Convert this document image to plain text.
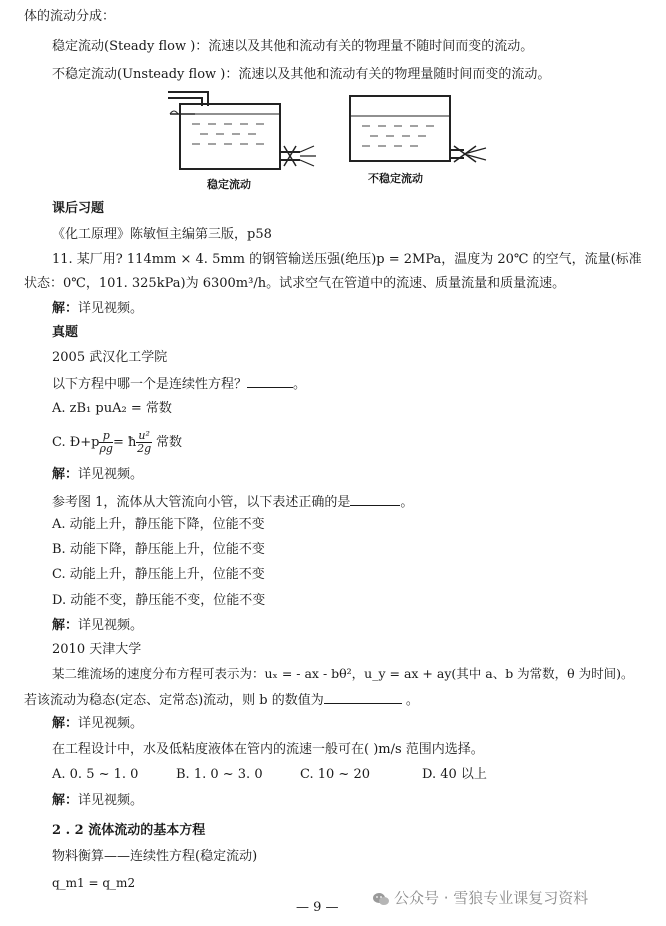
体的流动分成：
稳定流动(Steady flow )：流速以及其他和流动有关的物理量不随时间而变的流动。
不稳定流动(Unsteady flow )：流速以及其他和流动有关的物理量随时间而变的流动。
稳定流动	不稳定流动
课后习题
《化工原理》陈敏恒主编第三版，p58
11. 某厂用? 114mm × 4. 5mm 的钢管输送压强(绝压)p = 2MPa，温度为 20℃ 的空气，流量(标准
状态：0℃，101. 325kPa)为 6300m³/h。试求空气在管道中的流速、质量流量和质量流速。
解：详见视频。
真题
2005 武汉化工学院
以下方程中哪一个是连续性方程？	。
A. zB₁ puA₂ = 常数
C. Ð+p $\frac{p}{\rho g}$ = ħ $\frac{\text{u²}}{2g}$ 常数
解：详见视频。
参考图 1，流体从大管流向小管，以下表述正确的是	。
A. 动能上升，静压能下降，位能不变
B. 动能下降，静压能上升，位能不变
C. 动能上升，静压能上升，位能不变
D. 动能不变，静压能不变，位能不变
解：详见视频。
2010 天津大学
某二维流场的速度分布方程可表示为：uₓ = - ax - bθ²，u_y = ax + ay(其中 a、b 为常数，θ 为时间)。
若该流动为稳态(定态、定常态)流动，则 b 的数值为	。
解：详见视频。
在工程设计中，水及低粘度液体在管内的流速一般可在( )m/s 范围内选择。
A. 0. 5 ~ 1. 0	B. 1. 0 ~ 3. 0	C. 10 ~ 20	D. 40 以上
解：详见视频。
2 . 2 流体流动的基本方程
物料衡算——连续性方程(稳定流动)
q_m1 = q_m2
— 9 —
公众号 · 雪狼专业课复习资料
